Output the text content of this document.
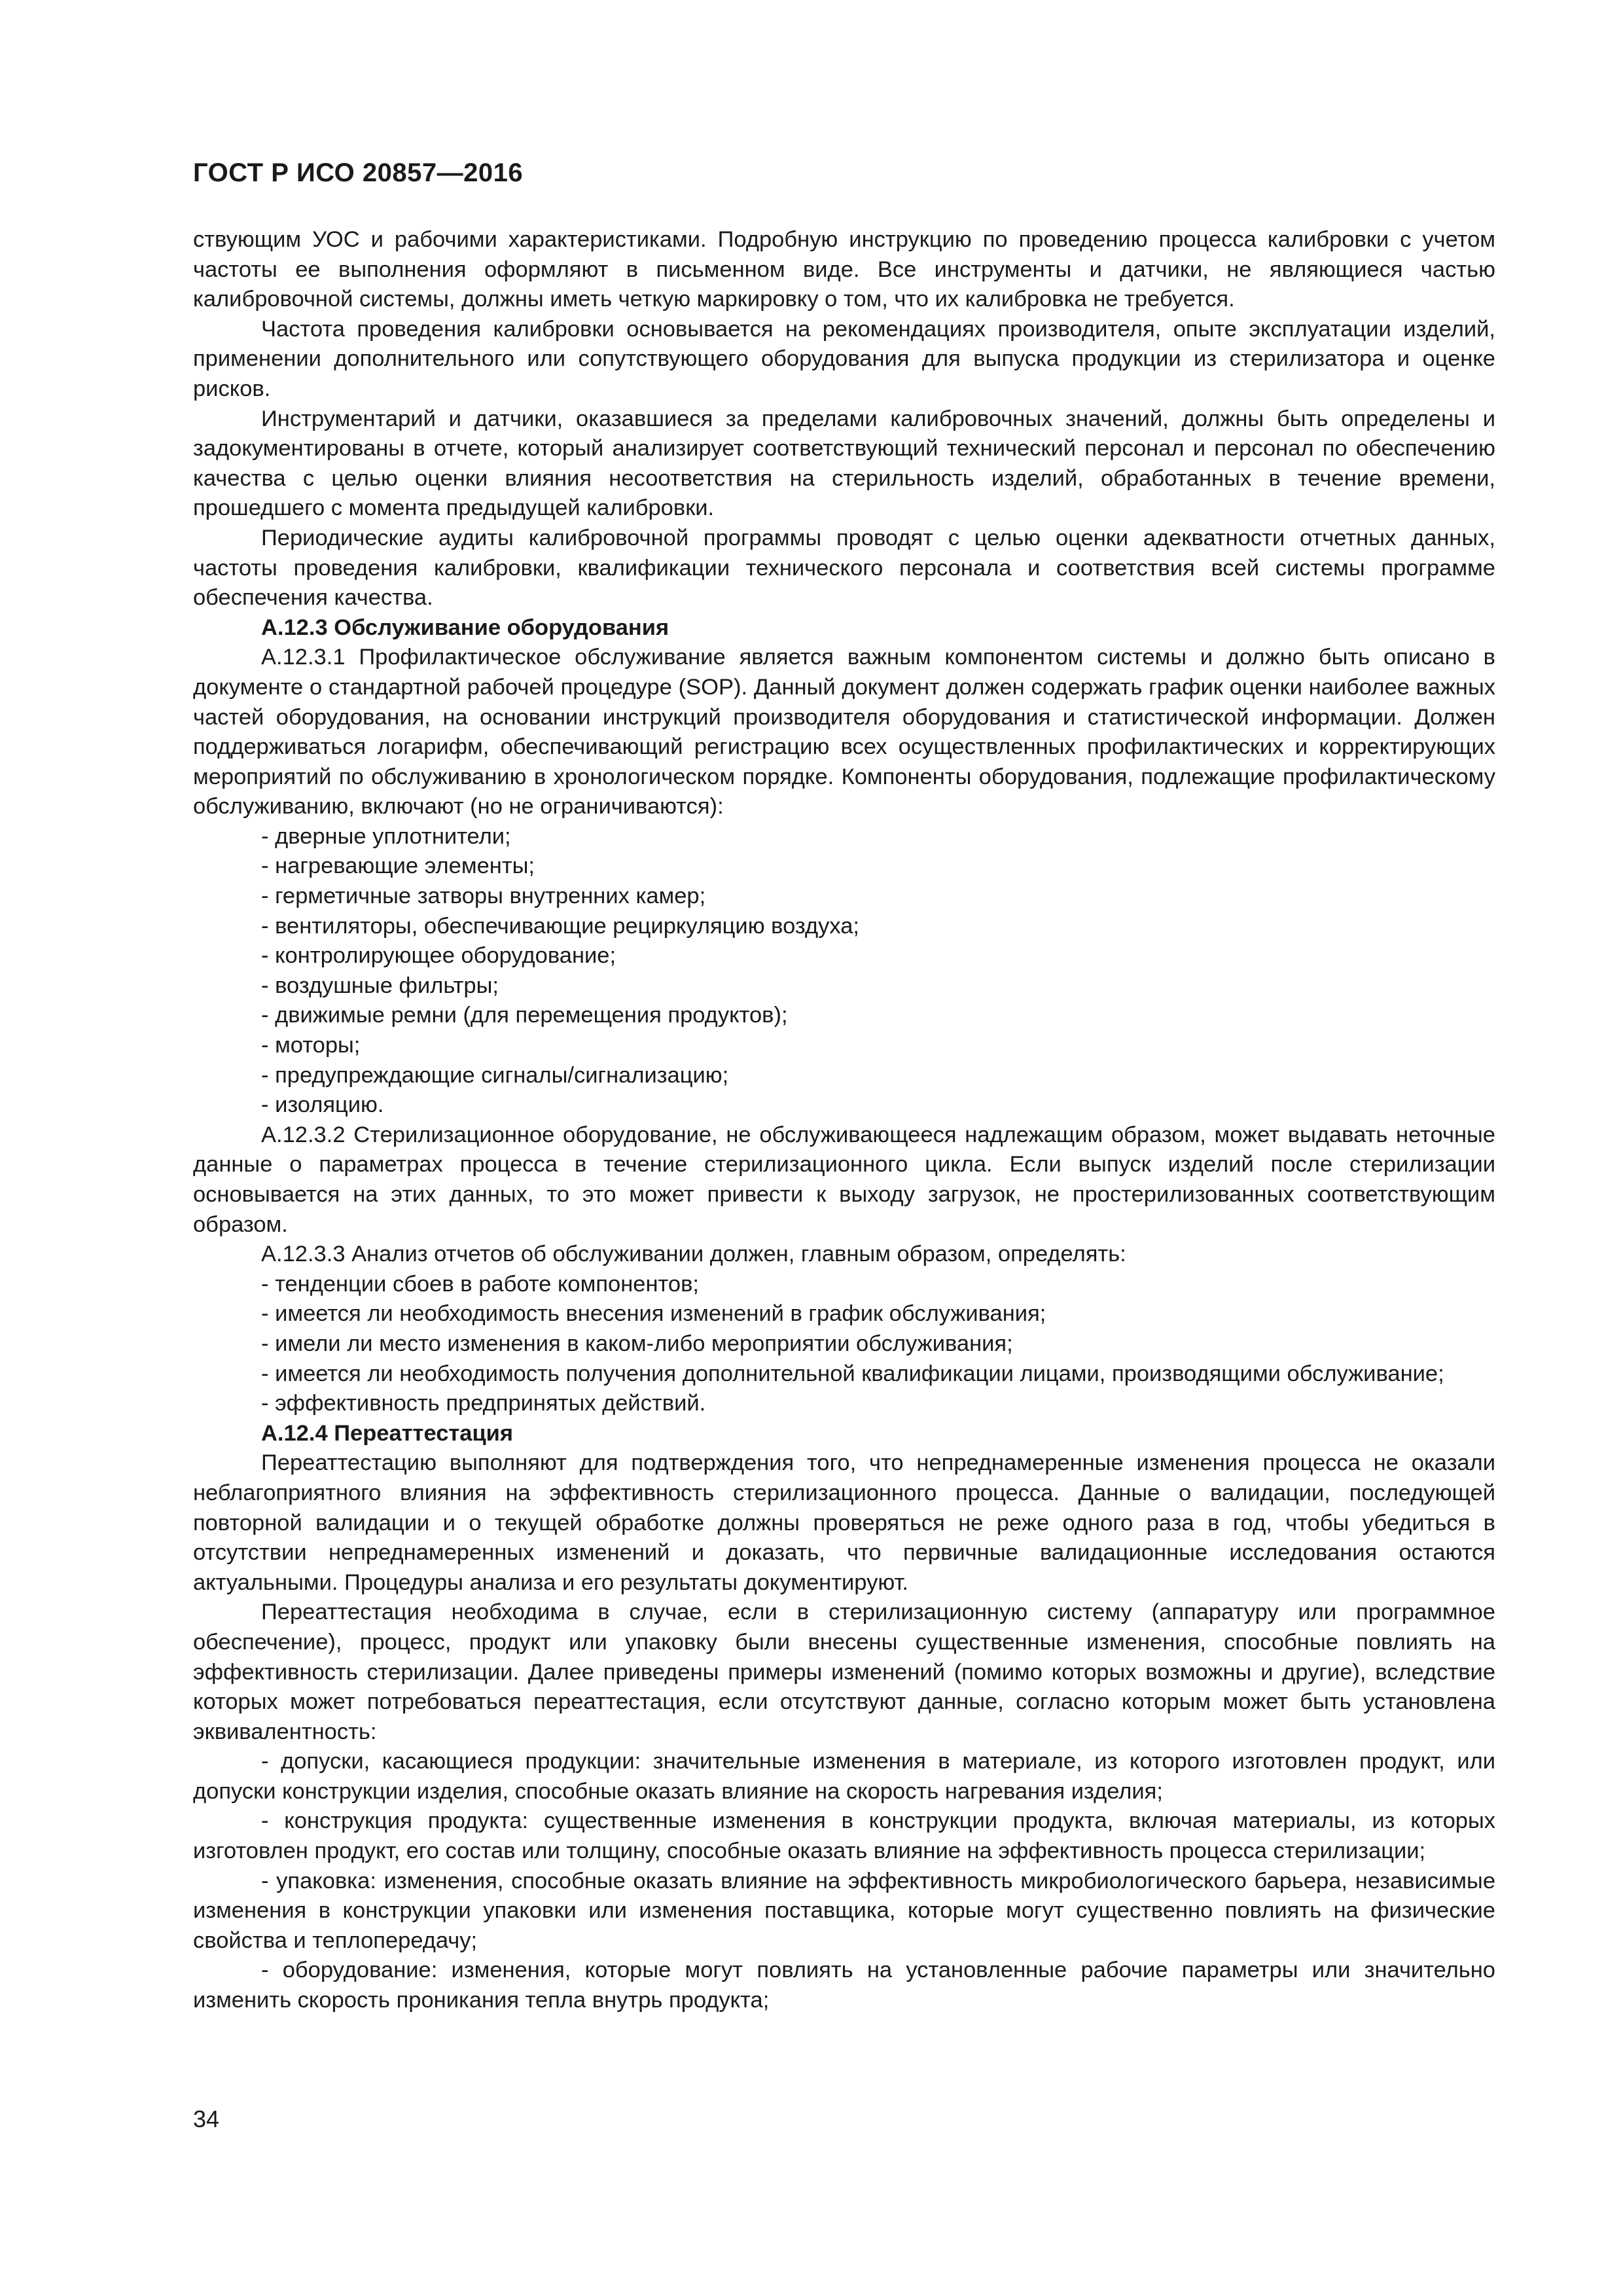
ГОСТ Р ИСО 20857—2016

ствующим УОС и рабочими характеристиками. Подробную инструкцию по проведению процесса калибровки с учетом частоты ее выполнения оформляют в письменном виде. Все инструменты и датчики, не являющиеся частью калибровочной системы, должны иметь четкую маркировку о том, что их калибровка не требуется.

Частота проведения калибровки основывается на рекомендациях производителя, опыте эксплуатации изделий, применении дополнительного или сопутствующего оборудования для выпуска продукции из стерилизатора и оценке рисков.

Инструментарий и датчики, оказавшиеся за пределами калибровочных значений, должны быть определены и задокументированы в отчете, который анализирует соответствующий технический персонал и персонал по обеспечению качества с целью оценки влияния несоответствия на стерильность изделий, обработанных в течение времени, прошедшего с момента предыдущей калибровки.

Периодические аудиты калибровочной программы проводят с целью оценки адекватности отчетных данных, частоты проведения калибровки, квалификации технического персонала и соответствия всей системы программе обеспечения качества.

А.12.3 Обслуживание оборудования

А.12.3.1 Профилактическое обслуживание является важным компонентом системы и должно быть описано в документе о стандартной рабочей процедуре (SOP). Данный документ должен содержать график оценки наиболее важных частей оборудования, на основании инструкций производителя оборудования и статистической информации. Должен поддерживаться логарифм, обеспечивающий регистрацию всех осуществленных профилактических и корректирующих мероприятий по обслуживанию в хронологическом порядке. Компоненты оборудования, подлежащие профилактическому обслуживанию, включают (но не ограничиваются):

- дверные уплотнители;

- нагревающие элементы;

- герметичные затворы внутренних камер;

- вентиляторы, обеспечивающие рециркуляцию воздуха;

- контролирующее оборудование;

- воздушные фильтры;

- движимые ремни (для перемещения продуктов);

- моторы;

- предупреждающие сигналы/сигнализацию;

- изоляцию.

А.12.3.2 Стерилизационное оборудование, не обслуживающееся надлежащим образом, может выдавать неточные данные о параметрах процесса в течение стерилизационного цикла. Если выпуск изделий после стерилизации основывается на этих данных, то это может привести к выходу загрузок, не простерилизованных соответствующим образом.

А.12.3.3 Анализ отчетов об обслуживании должен, главным образом, определять:

- тенденции сбоев в работе компонентов;

- имеется ли необходимость внесения изменений в график обслуживания;

- имели ли место изменения в каком-либо мероприятии обслуживания;

- имеется ли необходимость получения дополнительной квалификации лицами, производящими обслуживание;

- эффективность предпринятых действий.

А.12.4 Переаттестация

Переаттестацию выполняют для подтверждения того, что непреднамеренные изменения процесса не оказали неблагоприятного влияния на эффективность стерилизационного процесса. Данные о валидации, последующей повторной валидации и о текущей обработке должны проверяться не реже одного раза в год, чтобы убедиться в отсутствии непреднамеренных изменений и доказать, что первичные валидационные исследования остаются актуальными. Процедуры анализа и его результаты документируют.

Переаттестация необходима в случае, если в стерилизационную систему (аппаратуру или программное обеспечение), процесс, продукт или упаковку были внесены существенные изменения, способные повлиять на эффективность стерилизации. Далее приведены примеры изменений (помимо которых возможны и другие), вследствие которых может потребоваться переаттестация, если отсутствуют данные, согласно которым может быть установлена эквивалентность:

- допуски, касающиеся продукции: значительные изменения в материале, из которого изготовлен продукт, или допуски конструкции изделия, способные оказать влияние на скорость нагревания изделия;

- конструкция продукта: существенные изменения в конструкции продукта, включая материалы, из которых изготовлен продукт, его состав или толщину, способные оказать влияние на эффективность процесса стерилизации;

- упаковка: изменения, способные оказать влияние на эффективность микробиологического барьера, независимые изменения в конструкции упаковки или изменения поставщика, которые могут существенно повлиять на физические свойства и теплопередачу;

- оборудование: изменения, которые могут повлиять на установленные рабочие параметры или значительно изменить скорость проникания тепла внутрь продукта;

34
